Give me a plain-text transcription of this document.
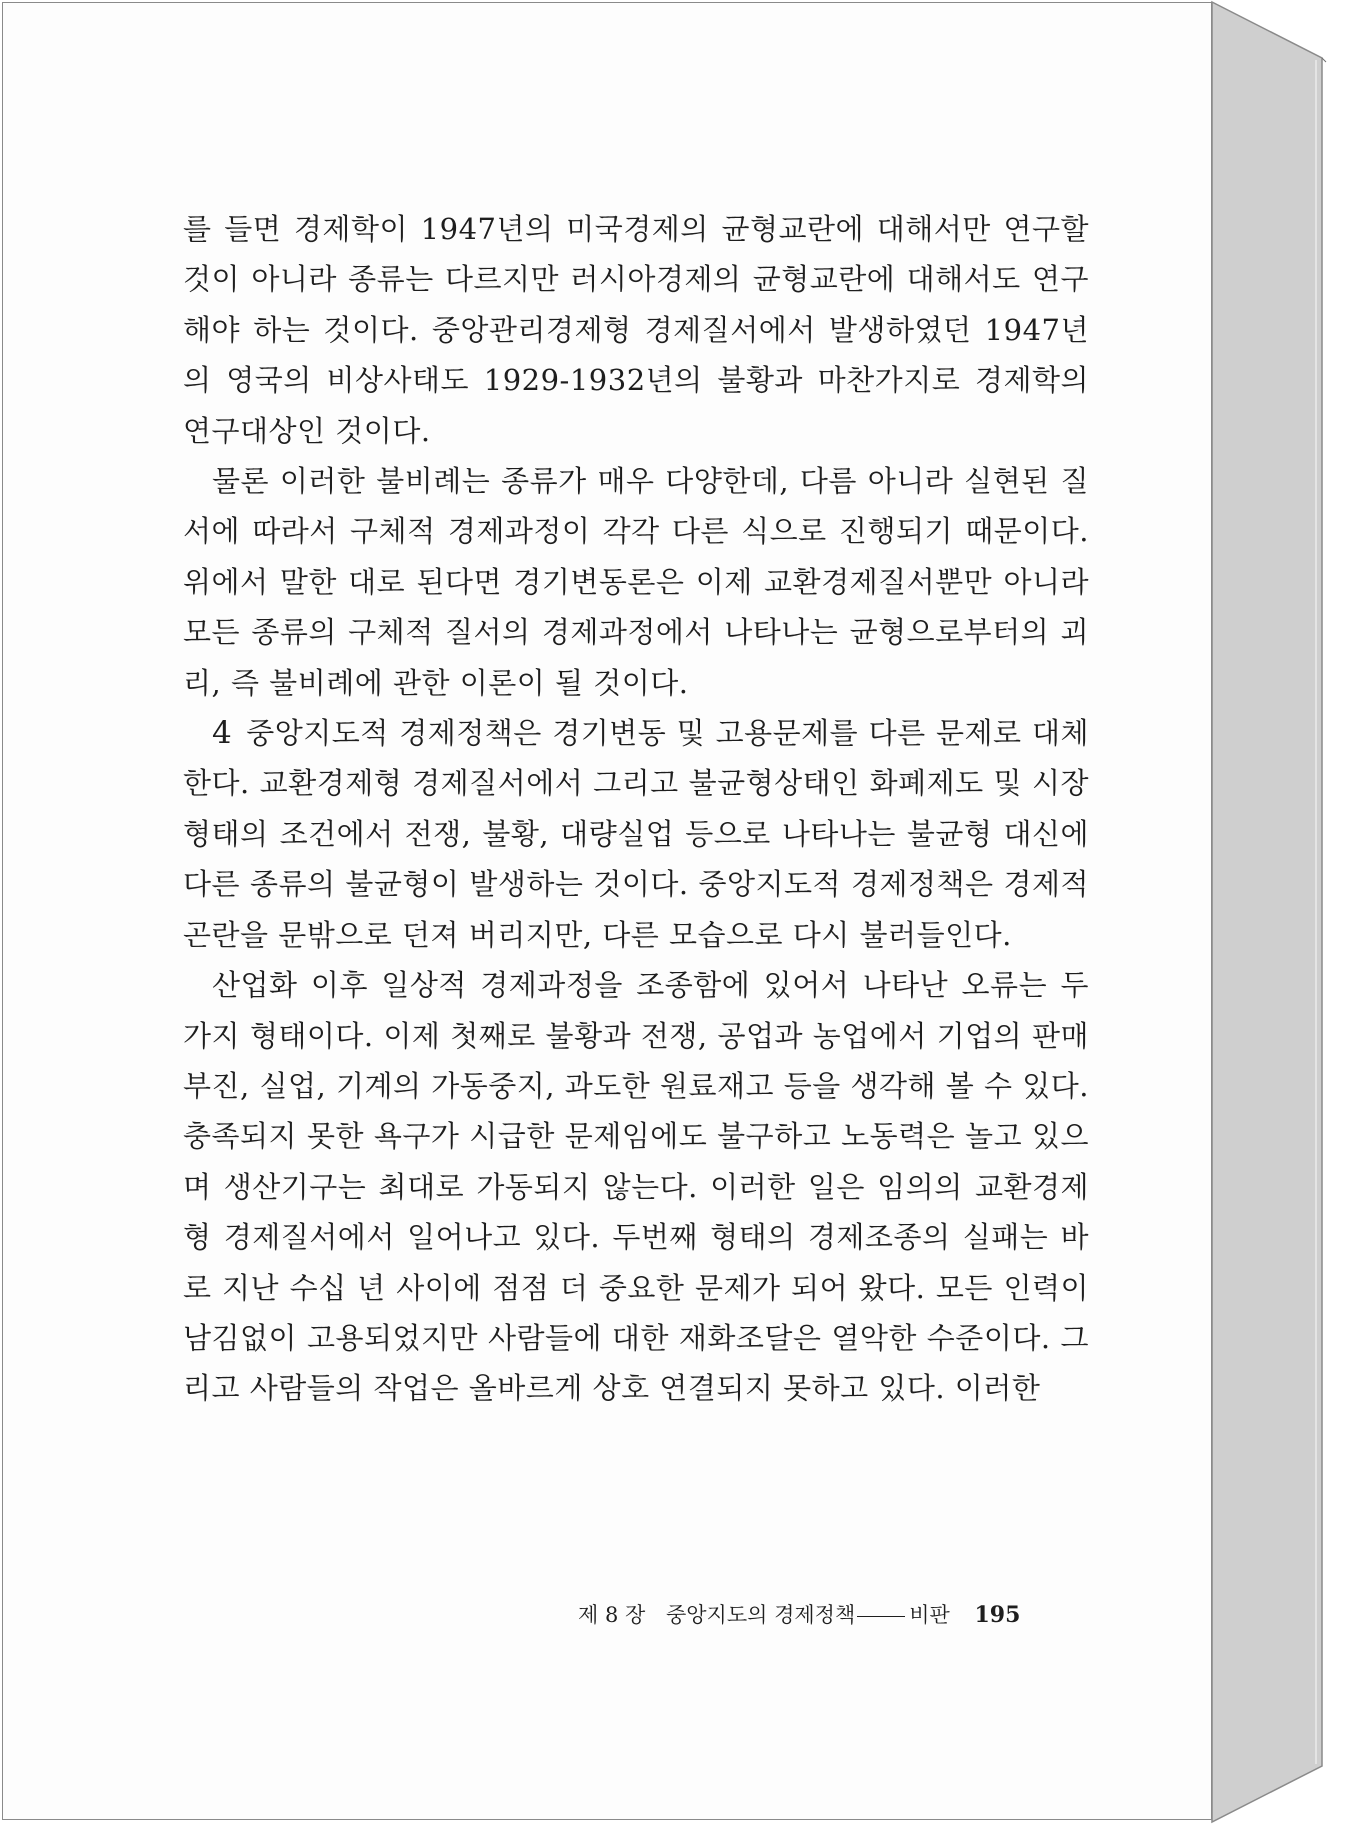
를 들면 경제학이 1947년의 미국경제의 균형교란에 대해서만 연구할 것이 아니라 종류는 다르지만 러시아경제의 균형교란에 대해서도 연구해야 하는 것이다. 중앙관리경제형 경제질서에서 발생하였던 1947년의 영국의 비상사태도 1929-1932년의 불황과 마찬가지로 경제학의 연구대상인 것이다.

물론 이러한 불비례는 종류가 매우 다양한데, 다름 아니라 실현된 질서에 따라서 구체적 경제과정이 각각 다른 식으로 진행되기 때문이다. 위에서 말한 대로 된다면 경기변동론은 이제 교환경제질서뿐만 아니라 모든 종류의 구체적 질서의 경제과정에서 나타나는 균형으로부터의 괴리, 즉 불비례에 관한 이론이 될 것이다.

4 중앙지도적 경제정책은 경기변동 및 고용문제를 다른 문제로 대체한다. 교환경제형 경제질서에서 그리고 불균형상태인 화폐제도 및 시장형태의 조건에서 전쟁, 불황, 대량실업 등으로 나타나는 불균형 대신에 다른 종류의 불균형이 발생하는 것이다. 중앙지도적 경제정책은 경제적 곤란을 문밖으로 던져 버리지만, 다른 모습으로 다시 불러들인다.

산업화 이후 일상적 경제과정을 조종함에 있어서 나타난 오류는 두 가지 형태이다. 이제 첫째로 불황과 전쟁, 공업과 농업에서 기업의 판매부진, 실업, 기계의 가동중지, 과도한 원료재고 등을 생각해 볼 수 있다. 충족되지 못한 욕구가 시급한 문제임에도 불구하고 노동력은 놀고 있으며 생산기구는 최대로 가동되지 않는다. 이러한 일은 임의의 교환경제형 경제질서에서 일어나고 있다. 두번째 형태의 경제조종의 실패는 바로 지난 수십 년 사이에 점점 더 중요한 문제가 되어 왔다. 모든 인력이 남김없이 고용되었지만 사람들에 대한 재화조달은 열악한 수준이다. 그리고 사람들의 작업은 올바르게 상호 연결되지 못하고 있다. 이러한

제 8 장 중앙지도의 경제정책	비판 195
